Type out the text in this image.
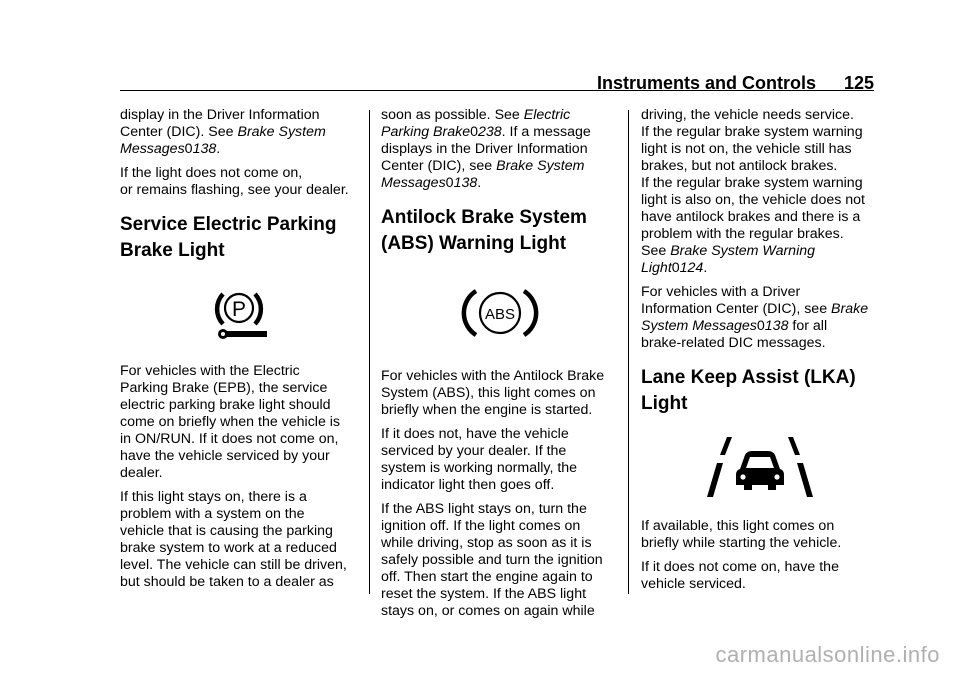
Instruments and Controls 125

display in the Driver Information
Center (DIC). See Brake System
Messages0138.

If the light does not come on,
or remains flashing, see your dealer.

Service Electric Parking
Brake Light
P

For vehicles with the Electric
Parking Brake (EPB), the service
electric parking brake light should
come on briefly when the vehicle is
in ON/RUN. If it does not come on,
have the vehicle serviced by your
dealer.

If this light stays on, there is a
problem with a system on the
vehicle that is causing the parking
brake system to work at a reduced
level. The vehicle can still be driven,
but should be taken to a dealer as

soon as possible. See Electric
Parking Brake0238. If a message
displays in the Driver Information
Center (DIC), see Brake System
Messages0138.

Antilock Brake System
(ABS) Warning Light
ABS

For vehicles with the Antilock Brake
System (ABS), this light comes on
briefly when the engine is started.

If it does not, have the vehicle
serviced by your dealer. If the
system is working normally, the
indicator light then goes off.

If the ABS light stays on, turn the
ignition off. If the light comes on
while driving, stop as soon as it is
safely possible and turn the ignition
off. Then start the engine again to
reset the system. If the ABS light
stays on, or comes on again while

driving, the vehicle needs service.
If the regular brake system warning
light is not on, the vehicle still has
brakes, but not antilock brakes.
If the regular brake system warning
light is also on, the vehicle does not
have antilock brakes and there is a
problem with the regular brakes.
See Brake System Warning
Light0124.

For vehicles with a Driver
Information Center (DIC), see Brake
System Messages0138 for all
brake-related DIC messages.

Lane Keep Assist (LKA)
Light

If available, this light comes on
briefly while starting the vehicle.

If it does not come on, have the
vehicle serviced.

carmanualsonline.info
